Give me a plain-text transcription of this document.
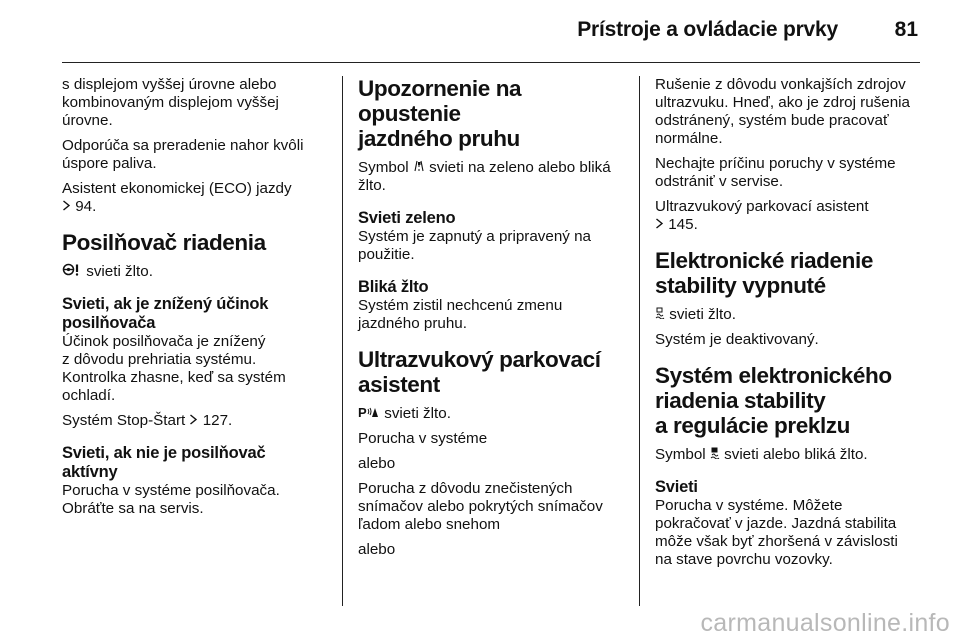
Prístroje a ovládacie prvky	81

s displejom vyššej úrovne alebo
kombinovaným displejom vyššej
úrovne.

Odporúča sa preradenie nahor kvôli
úspore paliva.

Asistent ekonomickej (ECO) jazdy
94.

Posilňovač riadenia

svieti žlto.

Svieti, ak je znížený účinok
posilňovača

Účinok posilňovača je znížený
z dôvodu prehriatia systému.
Kontrolka zhasne, keď sa systém
ochladí.

Systém Stop-Štart 127.

Svieti, ak nie je posilňovač
aktívny

Porucha v systéme posilňovača.
Obráťte sa na servis.

Upozornenie na opustenie
jazdného pruhu

Symbol svieti na zeleno alebo bliká
žlto.

Svieti zeleno

Systém je zapnutý a pripravený na
použitie.

Bliká žlto

Systém zistil nechcenú zmenu
jazdného pruhu.

Ultrazvukový parkovací
asistent

P svieti žlto.

Porucha v systéme

alebo

Porucha z dôvodu znečistených
snímačov alebo pokrytých snímačov
ľadom alebo snehom

alebo

Rušenie z dôvodu vonkajších zdrojov
ultrazvuku. Hneď, ako je zdroj rušenia
odstránený, systém bude pracovať
normálne.

Nechajte príčinu poruchy v systéme
odstrániť v servise.

Ultrazvukový parkovací asistent
145.

Elektronické riadenie
stability vypnuté

svieti žlto.

Systém je deaktivovaný.

Systém elektronického
riadenia stability
a regulácie preklzu

Symbol svieti alebo bliká žlto.

Svieti

Porucha v systéme. Môžete
pokračovať v jazde. Jazdná stabilita
môže však byť zhoršená v závislosti
na stave povrchu vozovky.

carmanualsonline.info
